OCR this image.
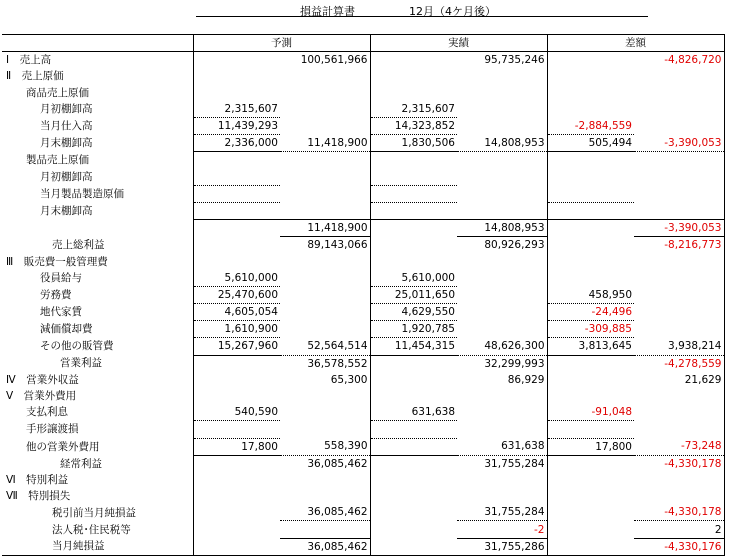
損益計算書	12月（4ケ月後）
	予測		実績		差額	
Ⅰ　売上高		100,561,966		95,735,246		-4,826,720
Ⅱ　売上原価						
商品売上原価						
月初棚卸高	2,315,607		2,315,607			
当月仕入高	11,439,293		14,323,852		-2,884,559	
月末棚卸高	2,336,000	11,418,900	1,830,506	14,808,953	505,494	-3,390,053
製品売上原価						
月初棚卸高						
当月製品製造原価						
月末棚卸高						
		11,418,900		14,808,953		-3,390,053
売上総利益		89,143,066		80,926,293		-8,216,773
Ⅲ　販売費一般管理費						
役員給与	5,610,000		5,610,000			
労務費	25,470,600		25,011,650		458,950	
地代家賃	4,605,054		4,629,550		-24,496	
減価償却費	1,610,900		1,920,785		-309,885	
その他の販管費	15,267,960	52,564,514	11,454,315	48,626,300	3,813,645	3,938,214
営業利益		36,578,552		32,299,993		-4,278,559
Ⅳ　営業外収益		65,300		86,929		21,629
Ⅴ　営業外費用						
支払利息	540,590		631,638		-91,048	
手形譲渡損						
他の営業外費用	17,800	558,390		631,638	17,800	-73,248
経常利益		36,085,462		31,755,284		-4,330,178
Ⅵ　特別利益						
Ⅶ　特別損失						
税引前当月純損益		36,085,462		31,755,284		-4,330,178
法人税･住民税等				-2		2
当月純損益		36,085,462		31,755,286		-4,330,176
